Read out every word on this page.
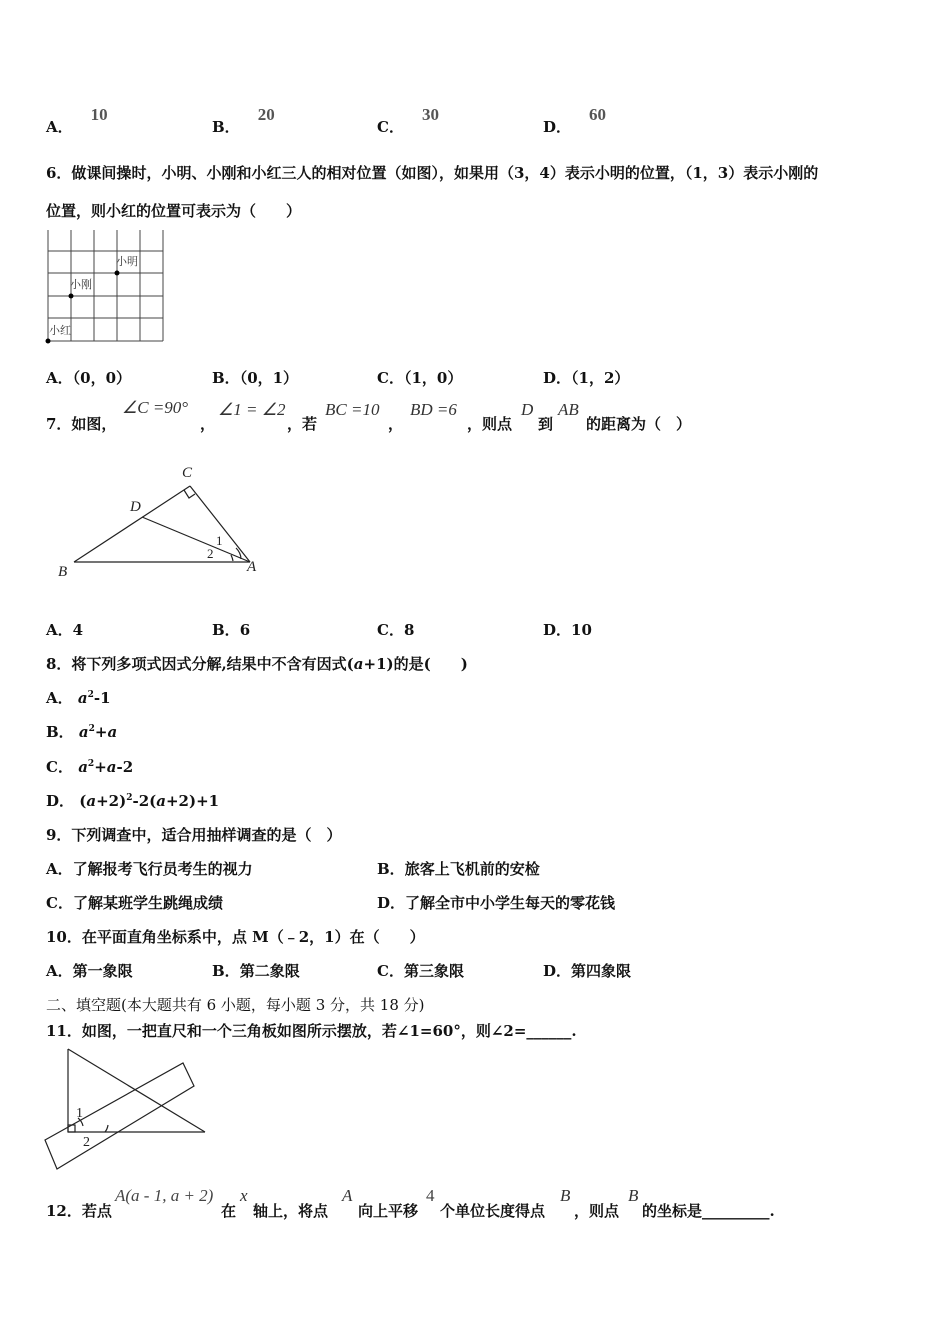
A．10
B．20
C．30
D．60
6．做课间操时，小明、小刚和小红三人的相对位置（如图），如果用（3，4）表示小明的位置，（1，3）表示小刚的
位置，则小红的位置可表示为（　　）
小明
小刚
小红
A．（0，0）	B．（0，1）	C．（1，0）	D．（1，2）
7．如图，
∠C =90°
，
∠1 = ∠2
，若
BC =10
，
BD =6
，则点
D
到
AB
的距离为（　）
C
D
B	A
1
2
A．4	B．6	C．8	D．10
8．将下列多项式因式分解,结果中不含有因式(a+1)的是(　　)
A． $a^2-1$
B． $a^2+a$
C． $a^2+a-2$
D． $(a+2)^2-2(a+2)+1$
9．下列调查中，适合用抽样调查的是（　）
A．了解报考飞行员考生的视力	B．旅客上飞机前的安检
C．了解某班学生跳绳成绩	D．了解全市中小学生每天的零花钱
10．在平面直角坐标系中，点 M（﹣2，1）在（　　）
A．第一象限	B．第二象限	C．第三象限	D．第四象限
二、填空题(本大题共有 6 小题，每小题 3 分，共 18 分)
11．如图，一把直尺和一个三角板如图所示摆放，若∠1=60°，则∠2=______.
1
2
12．若点
A(a - 1, a + 2)
在
x
轴上，将点
A
向上平移
4
个单位长度得点
B
，则点
B
的坐标是_________.
